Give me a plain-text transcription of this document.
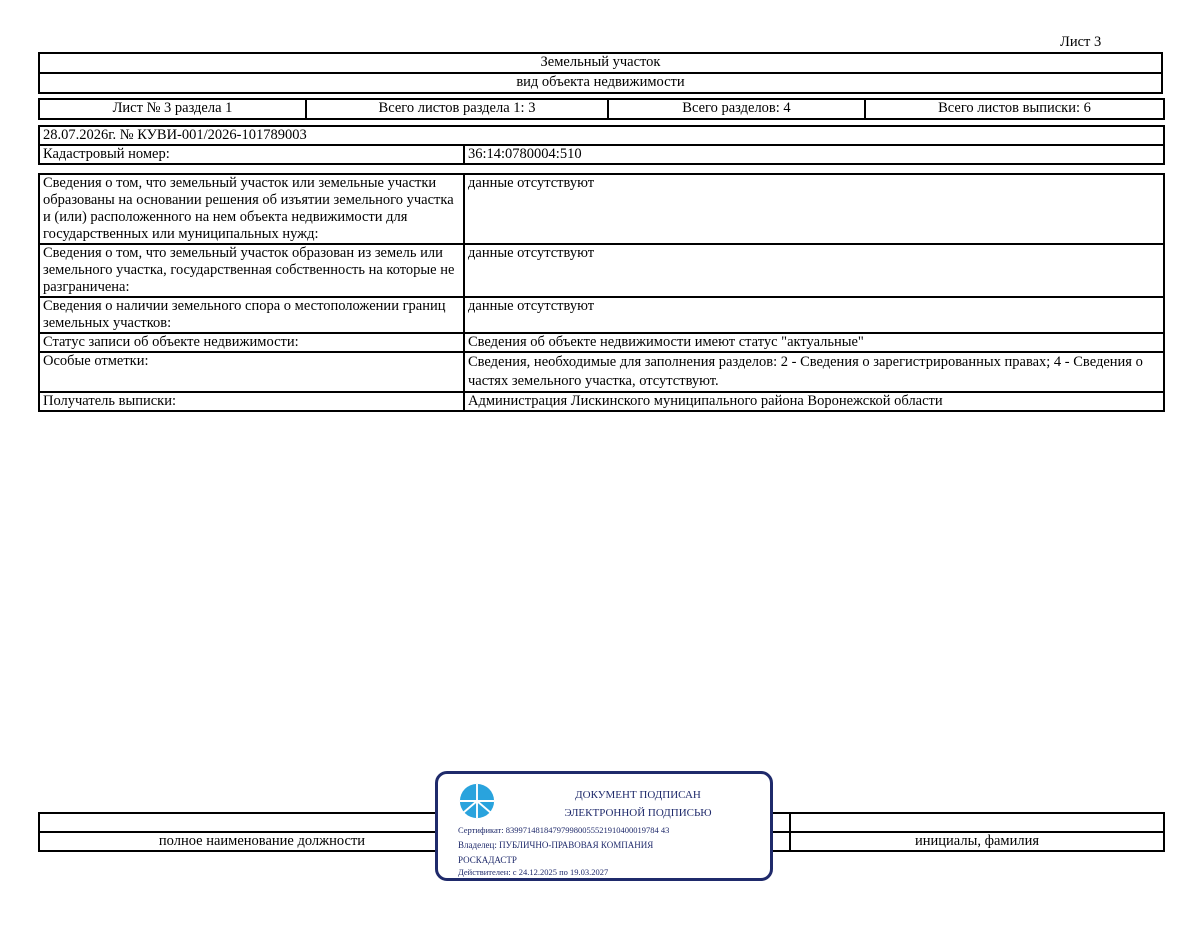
Лист 3
Земельный участок
вид объекта недвижимости
Лист № 3 раздела 1	Всего листов раздела 1: 3	Всего разделов: 4	Всего листов выписки: 6
28.07.2026г. № КУВИ-001/2026-101789003
Кадастровый номер:	36:14:0780004:510
Сведения о том, что земельный участок или земельные участки образованы на основании решения об изъятии земельного участка и (или) расположенного на нем объекта недвижимости для государственных или муниципальных нужд:	данные отсутствуют
Сведения о том, что земельный участок образован из земель или земельного участка, государственная собственность на которые не разграничена:	данные отсутствуют
Сведения о наличии земельного спора о местоположении границ земельных участков:	данные отсутствуют
Статус записи об объекте недвижимости:	Сведения об объекте недвижимости имеют статус "актуальные"
Особые отметки:	Сведения, необходимые для заполнения разделов: 2 - Сведения о зарегистрированных правах; 4 - Сведения о частях земельного участка, отсутствуют.
Получатель выписки:	Администрация Лискинского муниципального района Воронежской области

полное наименование должности		инициалы, фамилия
ДОКУМЕНТ ПОДПИСАН
ЭЛЕКТРОННОЙ ПОДПИСЬЮ
Сертификат: 839971481847979980055521910400019784 43
Владелец: ПУБЛИЧНО-ПРАВОВАЯ КОМПАНИЯ
РОСКАДАСТР
Действителен: с 24.12.2025 по 19.03.2027
